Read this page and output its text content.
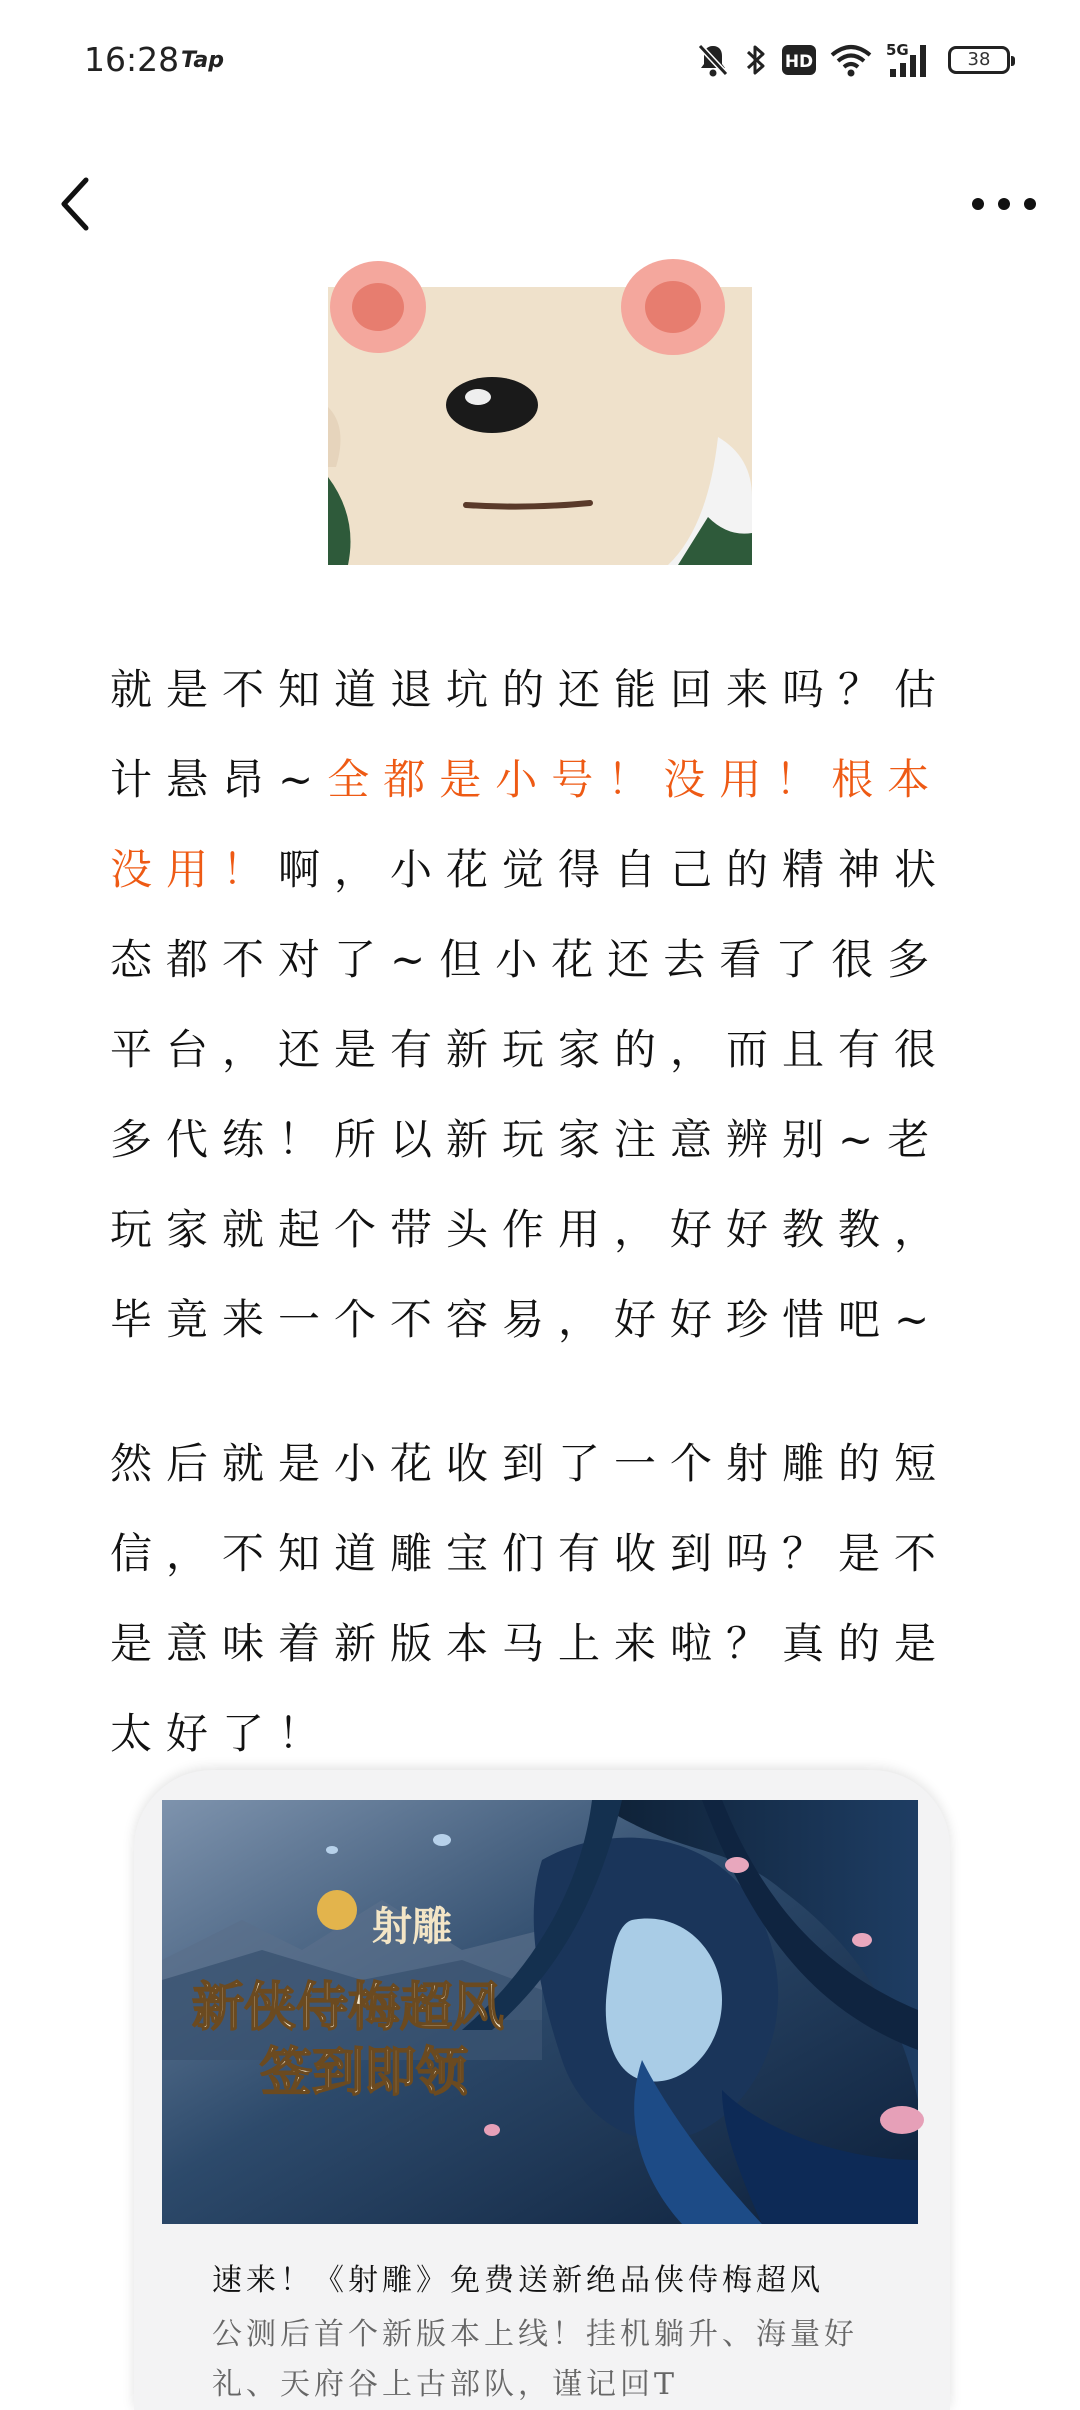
16:28 Tap	HD
5G	38

就是不知道退坑的还能回来吗？估计悬昂~全都是小号！没用！根本没用！啊，小花觉得自己的精神状态都不对了~但小花还去看了很多平台，还是有新玩家的，而且有很多代练！所以新玩家注意辨别~老玩家就起个带头作用，好好教教，毕竟来一个不容易，好好珍惜吧~

然后就是小花收到了一个射雕的短信，不知道雕宝们有收到吗？是不是意味着新版本马上来啦？真的是太好了！

射雕
新侠侍梅超风
签到即领
速来！《射雕》免费送新绝品侠侍梅超风
公测后首个新版本上线！挂机躺升、海量好礼、天府谷上古部队，谨记回T
